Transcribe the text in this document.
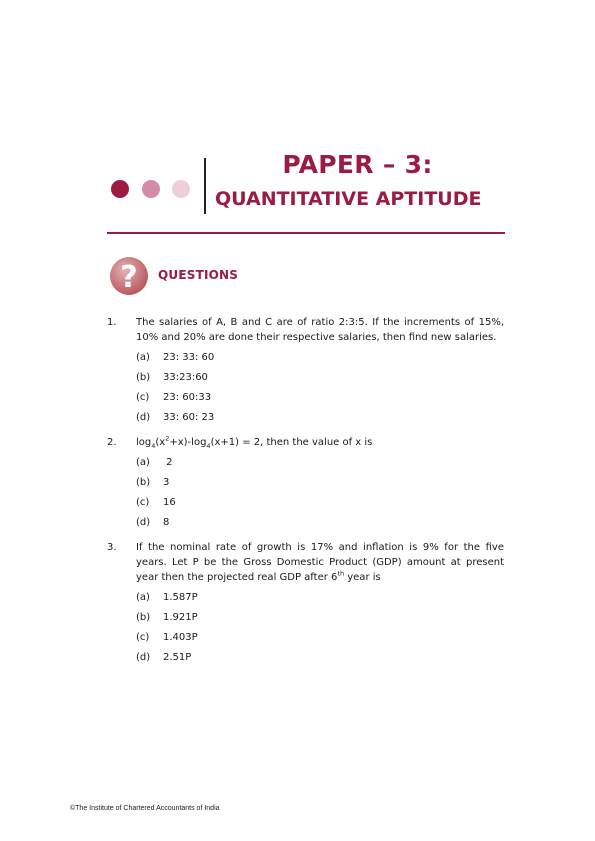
PAPER – 3:
QUANTITATIVE APTITUDE
? QUESTIONS
1.	The salaries of A, B and C are of ratio 2:3:5. If the increments of 15%, 10% and 20% are done their respective salaries, then find new salaries.

(a)	23: 33: 60
(b)	33:23:60
(c)	23: 60:33
(d)	33: 60: 23
2.	$\log_4(x^2+x)-\log_4(x+1) = 2$, then the value of x is

(a)	2
(b)	3
(c)	16
(d)	8
3.	If the nominal rate of growth is 17% and inflation is 9% for the five years. Let P be the Gross Domestic Product (GDP) amount at present year then the projected real GDP after 6th year is

(a)	1.587P
(b)	1.921P
(c)	1.403P
(d)	2.51P
©The Institute of Chartered Accountants of India
